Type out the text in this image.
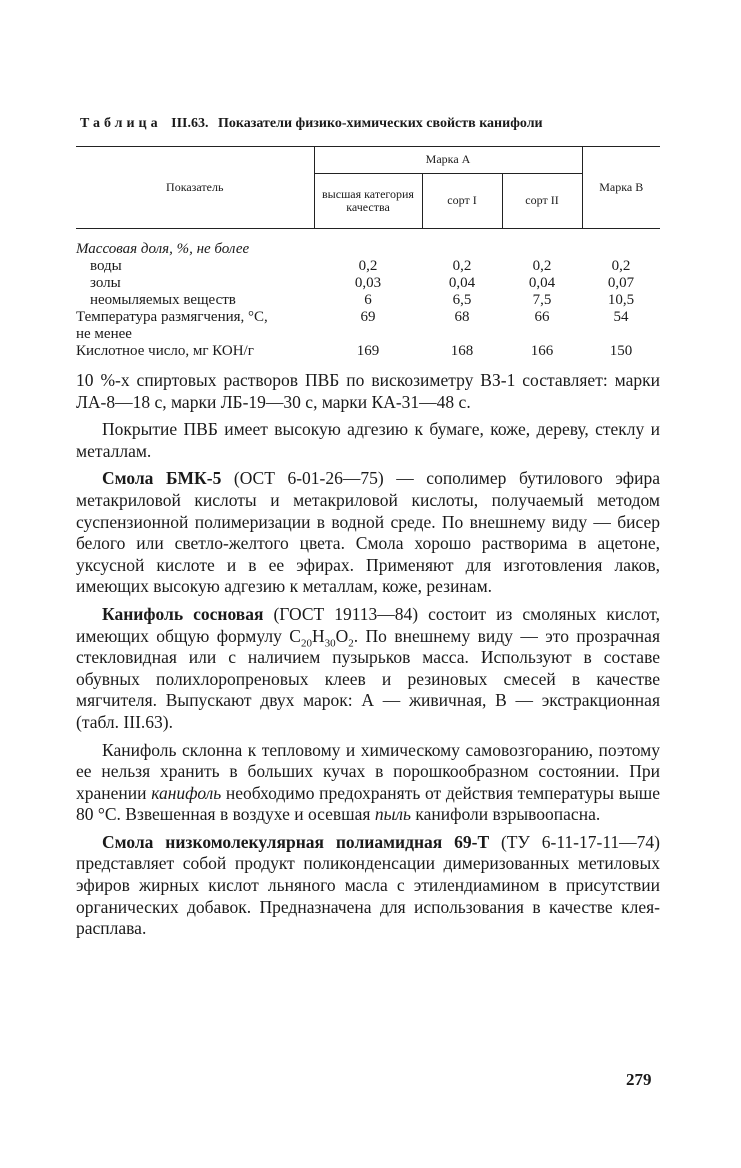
Таблица III.63. Показатели физико-химических свойств канифоли
Показатель	Марка А			Марка В
	высшая категория качества	сорт I	сорт II	
Массовая доля, %, не более				
воды	0,2	0,2	0,2	0,2
золы	0,03	0,04	0,04	0,07
неомыляемых веществ	6	6,5	7,5	10,5
Температура размягчения, °С, не менее	69	68	66	54
Кислотное число, мг КОН/г	169	168	166	150

10 %-х спиртовых растворов ПВБ по вискозиметру ВЗ-1 составляет: марки ЛА-8—18 с, марки ЛБ-19—30 с, марки КА-31—48 с.

Покрытие ПВБ имеет высокую адгезию к бумаге, коже, дереву, стеклу и металлам.

Смола БМК-5 (ОСТ 6-01-26—75) — сополимер бутилового эфира метакриловой кислоты и метакриловой кислоты, получаемый методом суспензионной полимеризации в водной среде. По внешнему виду — бисер белого или светло-желтого цвета. Смола хорошо растворима в ацетоне, уксусной кислоте и в ее эфирах. Применяют для изготовления лаков, имеющих высокую адгезию к металлам, коже, резинам.

Канифоль сосновая (ГОСТ 19113—84) состоит из смоляных кислот, имеющих общую формулу $C_{20}H_{30}O_2$. По внешнему виду — это прозрачная стекловидная или с наличием пузырьков масса. Используют в составе обувных полихлоропреновых клеев и резиновых смесей в качестве мягчителя. Выпускают двух марок: А — живичная, В — экстракционная (табл. III.63).

Канифоль склонна к тепловому и химическому самовозгоранию, поэтому ее нельзя хранить в больших кучах в порошкообразном состоянии. При хранении канифоль необходимо предохранять от действия температуры выше 80 °С. Взвешенная в воздухе и осевшая пыль канифоли взрывоопасна.

Смола низкомолекулярная полиамидная 69-Т (ТУ 6-11-17-11—74) представляет собой продукт поликонденсации димеризованных метиловых эфиров жирных кислот льняного масла с этилендиамином в присутствии органических добавок. Предназначена для использования в качестве клея-расплава.

279
